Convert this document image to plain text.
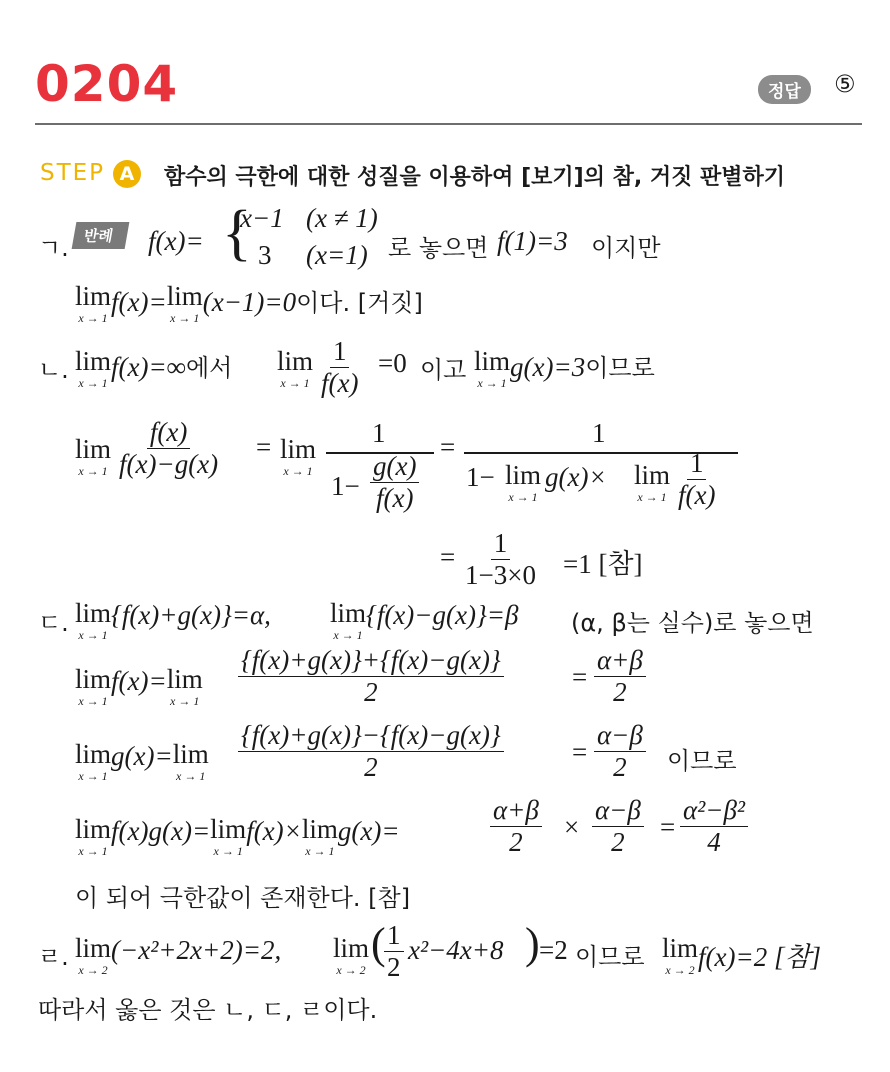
0204	정답	⑤
STEP A	함수의 극한에 대한 성질을 이용하여 [보기]의 참, 거짓 판별하기
ㄱ. 반례	f(x)= {
x−1 (x ≠ 1)
3 (x=1) 로 놓으면 f(1)=3 이지만
lim
x → 1
f(x)= lim
x → 1
(x−1)=0이다. [거짓]
ㄴ. lim
x → 1
f(x)=∞에서 lim
$x \to 1 \frac{1}{f(x)} =0$ 이고 lim
x → 1
g(x)=3이므로
lim
$x \to 1 \frac{f(x)}{f(x)-g(x)} = \lim$
x → 1
1
$1- \frac{g(x)}{f(x)}$
=	1
1− lim
x → 1
g(x)× lim
$x \to 1 \frac{1}{f(x)}$
= $\frac{1}{1-3\times 0} =1$ [참]
ㄷ. lim
x → 1
{f(x)+g(x)}=α, lim
x → 1
{f(x)−g(x)}=β (α, β는 실수)로 놓으면
lim
x → 1
f(x)= lim
$x \to 1 \frac{\{f(x)+g(x)\}+\{f(x)-g(x)\}}{2}$	= $\frac{\alpha+\beta}{2}$
lim
x → 1
g(x)= lim
$x \to 1 \frac{\{f(x)+g(x)\}-\{f(x)-g(x)\}}{2}$	= $\frac{\alpha-\beta}{2}$ 이므로
lim
x → 1
f(x)g(x)= lim
x → 1
f(x)× lim
x → 1
g(x)=	$\frac{\alpha+\beta}{2} \times \frac{\alpha-\beta}{2} = \frac{\text{α²−β²}}{4}$
이 되어 극한값이 존재한다. [참]
ㄹ. lim
x → 2
(−x²+2x+2)=2, lim
x → 2
(
$\frac{1}{2} x^2-4x+8$ ) =2 이므로 lim
x → 2 f(x)=2 [참]
따라서 옳은 것은 ㄴ, ㄷ, ㄹ이다.
